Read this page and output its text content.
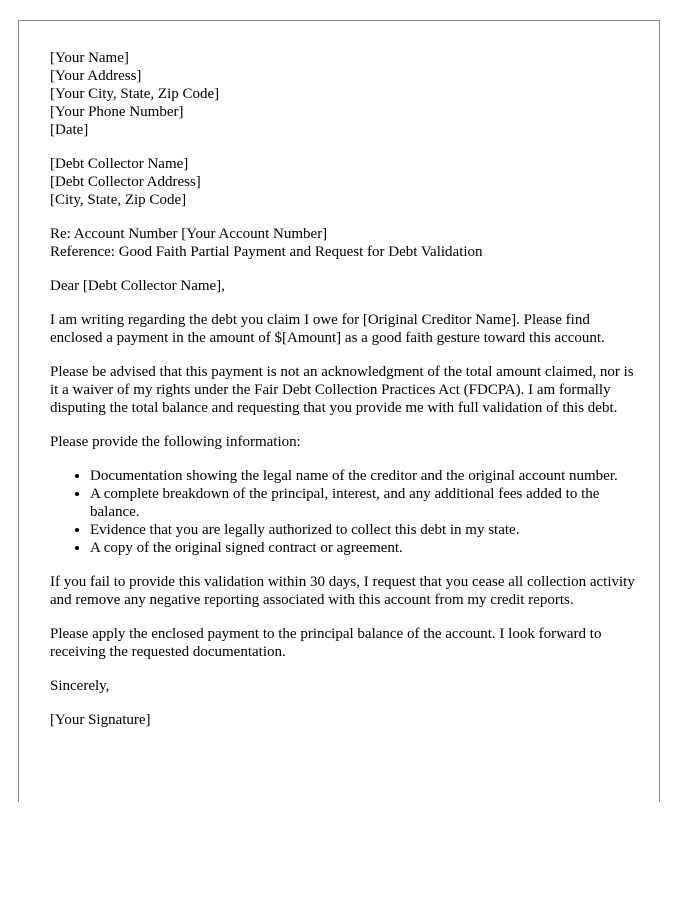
[Your Name]
[Your Address]
[Your City, State, Zip Code]
[Your Phone Number]
[Date]
[Debt Collector Name]
[Debt Collector Address]
[City, State, Zip Code]
Re: Account Number [Your Account Number]
Reference: Good Faith Partial Payment and Request for Debt Validation

Dear [Debt Collector Name],

I am writing regarding the debt you claim I owe for [Original Creditor Name]. Please find enclosed a payment in the amount of $[Amount] as a good faith gesture toward this account.

Please be advised that this payment is not an acknowledgment of the total amount claimed, nor is it a waiver of my rights under the Fair Debt Collection Practices Act (FDCPA). I am formally disputing the total balance and requesting that you provide me with full validation of this debt.

Please provide the following information:

• Documentation showing the legal name of the creditor and the original account number.
• A complete breakdown of the principal, interest, and any additional fees added to the balance.
• Evidence that you are legally authorized to collect this debt in my state.
• A copy of the original signed contract or agreement.

If you fail to provide this validation within 30 days, I request that you cease all collection activity and remove any negative reporting associated with this account from my credit reports.

Please apply the enclosed payment to the principal balance of the account. I look forward to receiving the requested documentation.

Sincerely,

[Your Signature]
